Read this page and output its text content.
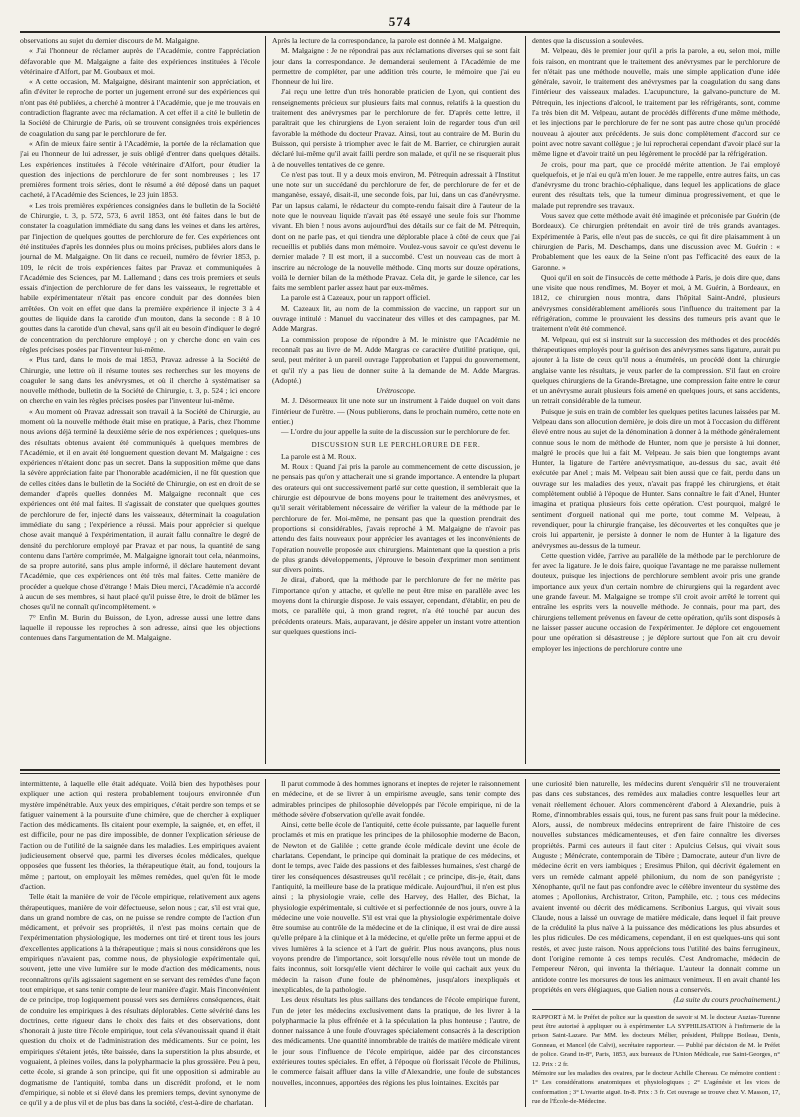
574

observations au sujet du dernier discours de M. Malgaigne.

« J'ai l'honneur de réclamer auprès de l'Académie, contre l'appréciation défavorable que M. Malgaigne a faite des expériences instituées à l'école vétérinaire d'Alfort, par M. Goubaux et moi.

« A cette occasion, M. Malgaigne, désirant maintenir son appréciation, et afin d'éviter le reproche de porter un jugement erroné sur des expériences qui n'ont pas été publiées, a cherché à montrer à l'Académie, que je me trouvais en contradiction flagrante avec ma réclamation. A cet effet il a cité le bulletin de la Société de Chirurgie de Paris, où se trouvent consignées trois expériences de coagulation du sang par le perchlorure de fer.

« Afin de mieux faire sentir à l'Académie, la portée de la réclamation que j'ai eu l'honneur de lui adresser, je suis obligé d'entrer dans quelques détails. Les expériences instituées à l'école vétérinaire d'Alfort, pour étudier la question des injections de perchlorure de fer sont nombreuses ; les 17 premières forment trois séries, dont le résumé a été déposé dans un paquet cacheté, à l'Académie des Sciences, le 23 juin 1853.

« Les trois premières expériences consignées dans le bulletin de la Société de Chirurgie, t. 3, p. 572, 573, 6 avril 1853, ont été faites dans le but de constater la coagulation immédiate du sang dans les veines et dans les artères, par l'injection de quelques gouttes de perchlorure de fer. Ces expériences ont été instituées d'après les données plus ou moins précises, publiées alors dans le journal de M. Malgaigne. On lit dans ce recueil, numéro de février 1853, p. 109, le récit de trois expériences faites par Pravaz et communiquées à l'Académie des Sciences, par M. Lallemand ; dans ces trois premiers et seuls essais d'injection de perchlorure de fer dans les vaisseaux, le regrettable et habile expérimentateur n'était pas encore conduit par des données bien arrêtées. On voit en effet que dans la première expérience il injecte 3 à 4 gouttes de liquide dans la carotide d'un mouton, dans la seconde : 8 à 10 gouttes dans la carotide d'un cheval, sans qu'il ait eu besoin d'indiquer le degré de concentration du perchlorure employé ; on y cherche donc en vain ces règles précises posées par l'inventeur lui-même.

« Plus tard, dans le mois de mai 1853, Pravaz adresse à la Société de Chirurgie, une lettre où il résume toutes ses recherches sur les moyens de coaguler le sang dans les anévrysmes, et où il cherche à systématiser sa nouvelle méthode, bulletin de la Société de Chirurgie, t. 3, p. 524 ; ici encore on cherche en vain les règles précises posées par l'inventeur lui-même.

« Au moment où Pravaz adressait son travail à la Société de Chirurgie, au moment où la nouvelle méthode était mise en pratique, à Paris, chez l'homme nous avions déjà terminé la deuxième série de nos expériences ; quelques-uns des résultats obtenus avaient été communiqués à quelques membres de l'Académie, et il en avait été longuement question devant M. Malgaigne : ces expériences n'étaient donc pas un secret. Dans la supposition même que dans la sévère appréciation faite par l'honorable académicien, il ne fût question que de celles citées dans le bulletin de la Société de Chirurgie, on est en droit de se demander d'après quelles données M. Malgaigne reconnaît que ces expériences ont été mal faites. Il s'agissait de constater que quelques gouttes de perchlorure de fer, injecté dans les vaisseaux, déterminait la coagulation immédiate du sang ; l'expérience a réussi. Mais pour apprécier si quelque chose avait manqué à l'expérimentation, il aurait fallu connaître le degré de densité du perchlorure employé par Pravaz et par nous, la quantité de sang contenu dans l'artère comprimée, M. Malgaigne ignorait tout cela, néanmoins, de sa propre autorité, sans plus ample informé, il déclare hautement devant l'Académie, que ces expériences ont été très mal faites. Cette manière de procéder a quelque chose d'étrange ! Mais Dieu merci, l'Académie n'a accordé à aucun de ses membres, si haut placé qu'il puisse être, le droit de blâmer les choses qu'il ne connaît qu'incomplètement. »

7° Enfin M. Burin du Buisson, de Lyon, adresse aussi une lettre dans laquelle il repousse les reproches à son adresse, ainsi que les objections contenues dans l'argumentation de M. Malgaigne.

Après la lecture de la correspondance, la parole est donnée à M. Malgaigne.

M. Malgaigne : Je ne répondrai pas aux réclamations diverses qui se sont fait jour dans la correspondance. Je demanderai seulement à l'Académie de me permettre de compléter, par une addition très courte, le mémoire que j'ai eu l'honneur de lui lire.

J'ai reçu une lettre d'un très honorable praticien de Lyon, qui contient des renseignements précieux sur plusieurs faits mal connus, relatifs à la question du traitement des anévrysmes par le perchlorure de fer. D'après cette lettre, il paraîtrait que les chirurgiens de Lyon seraient loin de regarder tous d'un œil favorable la méthode du docteur Pravaz. Ainsi, tout au contraire de M. Burin du Buisson, qui persiste à triompher avec le fait de M. Barrier, ce chirurgien aurait déclaré lui-même qu'il avait failli perdre son malade, et qu'il ne se risquerait plus à de nouvelles tentatives de ce genre.

Ce n'est pas tout. Il y a deux mois environ, M. Pétrequin adressait à l'Institut une note sur un succédané du perchlorure de fer, de perchlorure de fer et de manganèse, essayé, disait-il, une seconde fois, par lui, dans un cas d'anévrysme. Par un lapsus calami, le rédacteur du compte-rendu faisait dire à l'auteur de la note que le nouveau liquide n'avait pas été essayé une seule fois sur l'homme vivant. Eh bien ! nous avons aujourd'hui des détails sur ce fait de M. Pétrequin, dont on ne parle pas, et qui tiendra une déplorable place à côté de ceux que j'ai recueillis et publiés dans mon mémoire. Voulez-vous savoir ce qu'est devenu le dernier malade ? Il est mort, il a succombé. C'est un nouveau cas de mort à inscrire au nécrologe de la nouvelle méthode. Cinq morts sur douze opérations, voilà le dernier bilan de la méthode Pravaz. Cela dit, je garde le silence, car les faits me semblent parler assez haut par eux-mêmes.

La parole est à Cazeaux, pour un rapport officiel.

M. Cazeaux lit, au nom de la commission de vaccine, un rapport sur un ouvrage intitulé : Manuel du vaccinateur des villes et des campagnes, par M. Adde Margras.

La commission propose de répondre à M. le ministre que l'Académie ne reconnaît pas au livre de M. Adde Margras ce caractère d'utilité pratique, qui, seul, peut mériter à un pareil ouvrage l'approbation et l'appui du gouvernement, et qu'il n'y a pas lieu de donner suite à la demande de M. Adde Margras. (Adopté.)

Urétroscope.

M. J. Désormeaux lit une note sur un instrument à l'aide duquel on voit dans l'intérieur de l'urètre. — (Nous publierons, dans le prochain numéro, cette note en entier.)

— L'ordre du jour appelle la suite de la discussion sur le perchlorure de fer.

DISCUSSION SUR LE PERCHLORURE DE FER.

La parole est à M. Roux.

M. Roux : Quand j'ai pris la parole au commencement de cette discussion, je ne pensais pas qu'on y attacherait une si grande importance. A entendre la plupart des orateurs qui ont successivement parlé sur cette question, il semblerait que la chirurgie est dépourvue de bons moyens pour le traitement des anévrysmes, et qu'il serait véritablement nécessaire de vérifier la valeur de la méthode par le perchlorure de fer. Moi-même, ne pensant pas que la question prendrait des proportions si considérables, j'avais reproché à M. Malgaigne de n'avoir pas attendu des faits nouveaux pour apprécier les avantages et les inconvénients de l'opération nouvelle proposée aux chirurgiens. Maintenant que la question a pris de plus grands développements, j'éprouve le besoin d'exprimer mon sentiment sur divers points.

Je dirai, d'abord, que la méthode par le perchlorure de fer ne mérite pas l'importance qu'on y attache, et qu'elle ne peut être mise en parallèle avec les moyens dont la chirurgie dispose. Je vais essayer, cependant, d'établir, en peu de mots, ce parallèle qui, à mon grand regret, n'a été touché par aucun des précédents orateurs. Mais, auparavant, je désire appeler un instant votre attention sur quelques questions inci-

dentes que la discussion a soulevées.

M. Velpeau, dès le premier jour qu'il a pris la parole, a eu, selon moi, mille fois raison, en montrant que le traitement des anévrysmes par le perchlorure de fer n'était pas une méthode nouvelle, mais une simple application d'une idée générale, savoir, le traitement des anévrysmes par la coagulation du sang dans l'intérieur des vaisseaux malades. L'acupuncture, la galvano-puncture de M. Pétrequin, les injections d'alcool, le traitement par les réfrigérants, sont, comme l'a très bien dit M. Velpeau, autant de procédés différents d'une même méthode, et les injections par le perchlorure de fer ne sont pas autre chose qu'un procédé nouveau à ajouter aux précédents. Je suis donc complètement d'accord sur ce point avec notre savant collègue ; je lui reprocherai cependant d'avoir placé sur la même ligne et d'avoir traité un peu légèrement le procédé par la réfrigération.

Je crois, pour ma part, que ce procédé mérite attention. Je l'ai employé quelquefois, et je n'ai eu qu'à m'en louer. Je me rappelle, entre autres faits, un cas d'anévrysme du tronc brachio-céphalique, dans lequel les applications de glace eurent des résultats tels, que la tumeur diminua progressivement, et que le malade put reprendre ses travaux.

Vous savez que cette méthode avait été imaginée et préconisée par Guérin (de Bordeaux). Ce chirurgien prétendait en avoir tiré de très grands avantages. Expérimentée à Paris, elle n'eut pas de succès, ce qui fit dire plaisamment à un chirurgien de Paris, M. Deschamps, dans une discussion avec M. Guérin : « Probablement que les eaux de la Seine n'ont pas l'efficacité des eaux de la Garonne. »

Quoi qu'il en soit de l'insuccès de cette méthode à Paris, je dois dire que, dans une visite que nous rendîmes, M. Boyer et moi, à M. Guérin, à Bordeaux, en 1812, ce chirurgien nous montra, dans l'hôpital Saint-André, plusieurs anévrysmes considérablement améliorés sous l'influence du traitement par la réfrigération, comme le prouvaient les dessins des tumeurs pris avant que le traitement n'eût été commencé.

M. Velpeau, qui est si instruit sur la succession des méthodes et des procédés thérapeutiques employés pour la guérison des anévrysmes sans ligature, aurait pu ajouter à la liste de ceux qu'il nous a énumérés, un procédé dont la chirurgie anglaise vante les résultats, je veux parler de la compression. S'il faut en croire quelques chirurgiens de la Grande-Bretagne, une compression faite entre le cœur et un anévrysme aurait plusieurs fois amené en quelques jours, et sans accidents, un retrait considérable de la tumeur.

Puisque je suis en train de combler les quelques petites lacunes laissées par M. Velpeau dans son allocution dernière, je dois dire un mot à l'occasion du différent élevé entre nous au sujet de la dénomination à donner à la méthode généralement connue sous le nom de méthode de Hunter, nom que je persiste à lui donner, malgré le procès que lui a fait M. Velpeau. Je sais bien que longtemps avant Hunter, la ligature de l'artère anévrysmatique, au-dessus du sac, avait été exécutée par Anel ; mais M. Velpeau sait bien aussi que ce fait, perdu dans un ouvrage sur les maladies des yeux, n'avait pas frappé les chirurgiens, et était complètement oublié à l'époque de Hunter. Sans connaître le fait d'Anel, Hunter imagina et pratiqua plusieurs fois cette opération. C'est pourquoi, malgré le sentiment d'orgueil national qui me porte, tout comme M. Velpeau, à revendiquer, pour la chirurgie française, les découvertes et les conquêtes que je crois lui appartenir, je persiste à donner le nom de Hunter à la ligature des anévrysmes au-dessus de la tumeur.

Cette question vidée, j'arrive au parallèle de la méthode par le perchlorure de fer avec la ligature. Je le dois faire, quoique l'avantage ne me paraisse nullement douteux, puisque les injections de perchlorure semblent avoir pris une grande importance aux yeux d'un certain nombre de chirurgiens qui la regardent avec une grande faveur. M. Malgaigne se trompe s'il croit avoir arrêté le torrent qui entraîne les esprits vers la nouvelle méthode. Je connais, pour ma part, des chirurgiens tellement prévenus en faveur de cette opération, qu'ils sont disposés à ne laisser passer aucune occasion de l'expérimenter. Je déplore cet engouement pour une opération si désastreuse ; je déplore surtout que l'on ait cru devoir employer les injections de perchlorure contre une

intermittente, à laquelle elle était adéquate. Voilà bien des hypothèses pour expliquer une action qui restera probablement toujours environnée d'un mystère impénétrable. Aux yeux des empiriques, c'était perdre son temps et se fatiguer vainement à la poursuite d'une chimère, que de chercher à expliquer l'action des médicaments. Ils citaient pour exemple, la saignée, et, en effet, il est difficile, pour ne pas dire impossible, de donner l'explication sérieuse de l'action ou de l'utilité de la saignée dans les maladies. Les empiriques avaient judicieusement observé que, parmi les diverses écoles médicales, quelque opposées que fussent les théories, la thérapeutique était, au fond, toujours la même ; partout, on employait les mêmes remèdes, quel qu'en fût le mode d'action.

Telle était la manière de voir de l'école empirique, relativement aux agens thérapeutiques, manière de voir défectueuse, selon nous ; car, s'il est vrai que, dans un grand nombre de cas, on ne puisse se rendre compte de l'action d'un médicament, et prévoir ses propriétés, il n'est pas moins certain que de l'expérimentation physiologique, les modernes ont tiré et tirent tous les jours d'excellentes applications à la thérapeutique ; mais si nous considérons que les empiriques n'avaient pas, comme nous, de physiologie expérimentale qui, souvent, jette une vive lumière sur le mode d'action des médicaments, nous reconnaîtrons qu'ils agissaient sagement en se servant des remèdes d'une façon tout empirique, et sans tenir compte de leur manière d'agir. Mais l'inconvénient de ce principe, trop logiquement poussé vers ses dernières conséquences, était de conduire les empiriques à des résultats déplorables. Cette sévérité dans les doctrines, cette rigueur dans le choix des faits et des observations, dont s'honorait à juste titre l'école empirique, tout cela s'évanouissait quand il était question du choix et de l'administration des médicaments. Sur ce point, les empiriques s'étaient jetés, tête baissée, dans la superstition la plus absurde, et voguaient, à pleines voiles, dans la polypharmacie la plus grossière. Peu à peu, cette école, si grande à son principe, qui fit une opposition si admirable au dogmatisme de l'antiquité, tomba dans un discrédit profond, et le nom d'empirique, si noble et si élevé dans les premiers temps, devint synonyme de ce qu'il y a de plus vil et de plus bas dans la société, c'est-à-dire de charlatan.

Il parut commode à des hommes ignorans et ineptes de rejeter le raisonnement en médecine, et de se livrer à un empirisme aveugle, sans tenir compte des admirables principes de philosophie développés par l'école empirique, ni de la méthode sévère d'observation qu'elle avait fondée.

Ainsi, cette belle école de l'antiquité, cette école puissante, par laquelle furent proclamés et mis en pratique les principes de la philosophie moderne de Bacon, de Newton et de Galilée ; cette grande école médicale devint une école de charlatans. Cependant, le principe qui dominait la pratique de ces médecins, et dont le temps, avec l'aide des passions et des faiblesses humaines, s'est chargé de tirer les conséquences désastreuses qu'il recélait ; ce principe, dis-je, était, dans l'antiquité, la meilleure base de la pratique médicale. Aujourd'hui, il n'en est plus ainsi ; la physiologie vraie, celle des Harvey, des Haller, des Bichat, la physiologie expérimentale, si cultivée et si perfectionnée de nos jours, ouvre à la médecine une voie nouvelle. S'il est vrai que la physiologie expérimentale doive être soumise au contrôle de la médecine et de la clinique, il est vrai de dire aussi qu'elle prépare à la clinique et à la médecine, et qu'elle prête un ferme appui et de vives lumières à la science et à l'art de guérir. Plus nous avançons, plus nous voyons prendre de l'importance, soit lorsqu'elle nous révèle tout un monde de faits inconnus, soit lorsqu'elle vient déchirer le voile qui cachait aux yeux du médecin la raison d'une foule de phénomènes, jusqu'alors inexpliqués et inexplicables, de la pathologie.

Les deux résultats les plus saillans des tendances de l'école empirique furent, l'un de jeter les médecins exclusivement dans la pratique, de les livrer à la polypharmacie la plus effrénée et à la spéculation la plus honteuse ; l'autre, de donner naissance à une foule d'ouvrages spécialement consacrés à la description des médicaments. Une quantité innombrable de traités de matière médicale virent le jour sous l'influence de l'école empirique, aidée par des circonstances extérieures toutes spéciales. En effet, à l'époque où florissait l'école de Philinus, le commerce faisait affluer dans la ville d'Alexandrie, une foule de substances nouvelles, inconnues, apportées des régions les plus lointaines. Excités par

une curiosité bien naturelle, les médecins durent s'enquérir s'il ne trouveraient pas dans ces substances, des remèdes aux maladies contre lesquelles leur art venait réellement échouer. Alors commencèrent d'abord à Alexandrie, puis à Rome, d'innombrables essais qui, tous, ne furent pas sans fruit pour la médecine. Alors, aussi, de nombreux médecins entreprirent de faire l'histoire de ces nouvelles substances médicamenteuses, et d'en faire connaître les diverses propriétés. Parmi ces auteurs il faut citer : Apulcius Celsus, qui vivait sous Auguste ; Ménécrate, contemporain de Tibère ; Damocrate, auteur d'un livre de médecine écrit en vers iambiques ; Eresimus Philon, qui décrivit également en vers un remède calmant appelé philonium, du nom de son panégyriste ; Xénophante, qu'il ne faut pas confondre avec le célèbre inventeur du système des atomes ; Apollonius, Archistrator, Criton, Pamphile, etc. ; tous ces médecins avaient inventé ou décrit des médicamens. Scribonius Largus, qui vivait sous Claude, nous a laissé un ouvrage de matière médicale, dans lequel il fait preuve de la crédulité la plus naïve à la puissance des médications les plus absurdes et les plus ridicules. De ces médicamens, cependant, il en est quelques-uns qui sont restés, et avec juste raison. Nous apprécions tous l'utilité des bains ferrugineux, dont l'origine remonte à ces temps reculés. C'est Andromache, médecin de l'empereur Néron, qui inventa la thériaque. L'auteur la donnait comme un antidote contre les morsures de tous les animaux venimeux. Il en avait chanté les propriétés en vers élégiaques, que Galien nous a conservés.

(La suite du cours prochainement.)

RAPPORT à M. le Préfet de police sur la question de savoir si M. le docteur Auzias-Turenne peut être autorisé à appliquer ou à expérimenter LA SYPHILISATION à l'infirmerie de la prison Saint-Lazare. Par MM. les docteurs Mélier, président, Philippe Boileau, Denis, Gonneau, et Mancel (de Calvi), secrétaire rapporteur. — Publié par décision de M. le Préfet de police. Grand in-8°, Paris, 1853, aux bureaux de l'Union Médicale, rue Saint-Georges, n° 12. Prix : 2 fr.

Mémoire sur les maladies des ovaires, par le docteur Achille Chereau. Ce mémoire contient : 1° Les considérations anatomiques et physiologiques ; 2° L'agénésie et les vices de conformation ; 3° L'ovarite aiguë. In-8. Prix : 3 fr. Cet ouvrage se trouve chez V. Masson, 17, rue de l'École-de-Médecine.
